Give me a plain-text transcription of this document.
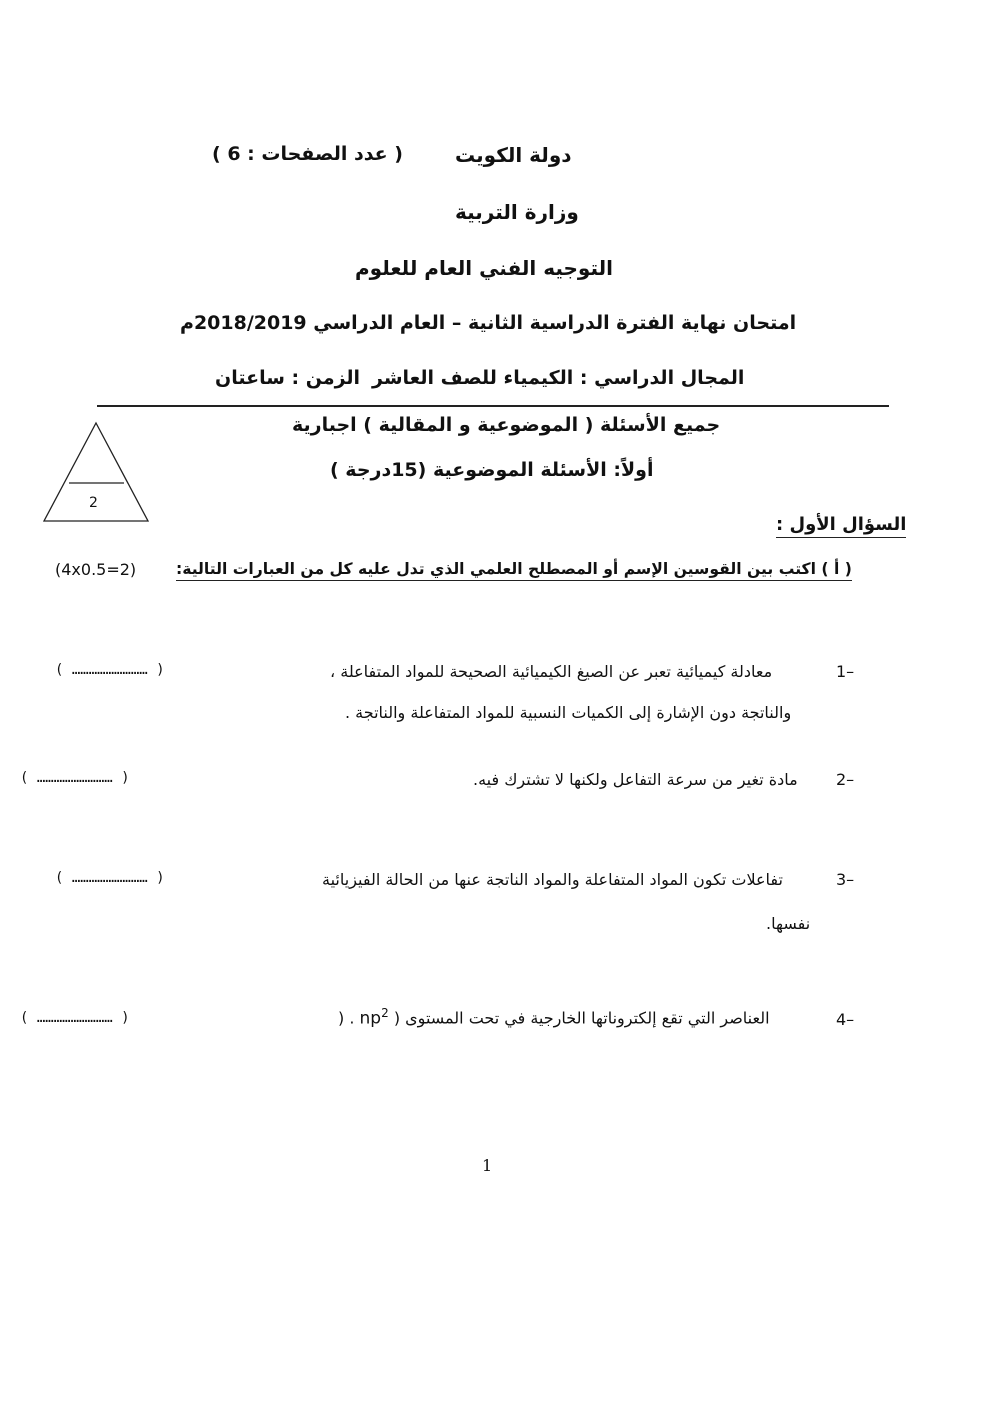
دولة الكويت
( عدد الصفحات : 6 )
وزارة التربية
التوجيه الفني العام للعلوم
امتحان نهاية الفترة الدراسية الثانية – العام الدراسي 2018/2019م
المجال الدراسي : الكيمياء للصف العاشر
الزمن : ساعتان
جميع الأسئلة ( الموضوعية و المقالية ) اجبارية
أولاً: الأسئلة الموضوعية (15درجة )
2
السؤال الأول :
( أ ) اكتب بين القوسين الإسم أو المصطلح العلمي الذي تدل عليه كل من العبارات التالية:
(4x0.5=2)
1–
معادلة كيميائية تعبر عن الصيغ الكيميائية الصحيحة للمواد المتفاعلة ،
والناتجة دون الإشارة إلى الكميات النسبية للمواد المتفاعلة والناتجة .
( ……………………… )
2–
مادة تغير من سرعة التفاعل ولكنها لا تشترك فيه.
( ……………………… )
3–
تفاعلات تكون المواد المتفاعلة والمواد الناتجة عنها من الحالة الفيزيائية
نفسها.
( ……………………… )
4–
) . $np^2$ العناصر التي تقع إلكتروناتها الخارجية في تحت المستوى (
( ……………………… )
1
